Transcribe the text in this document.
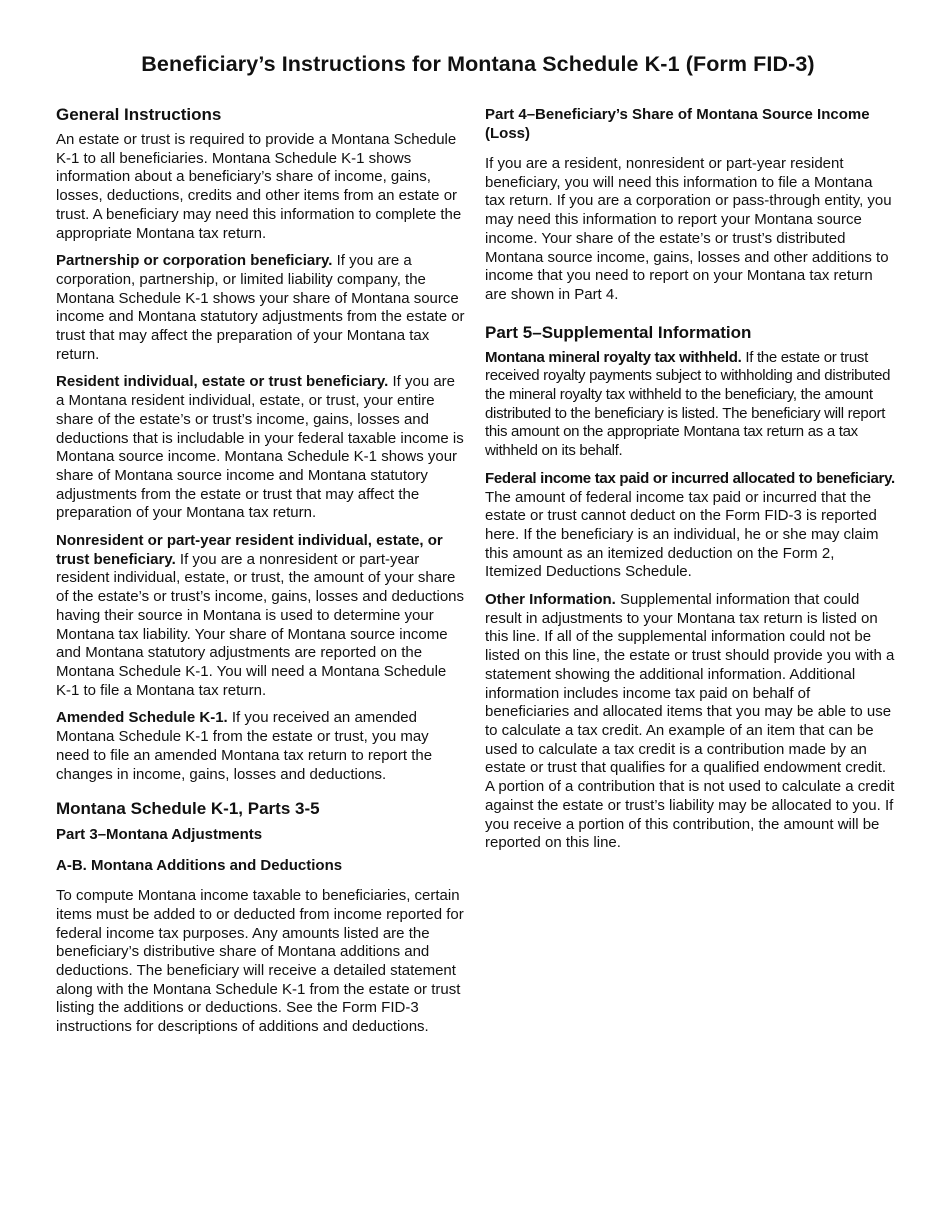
Beneficiary’s Instructions for Montana Schedule K-1 (Form FID-3)
General Instructions

An estate or trust is required to provide a Montana Schedule K-1 to all beneficiaries. Montana Schedule K-1 shows information about a beneficiary’s share of income, gains, losses, deductions, credits and other items from an estate or trust. A beneficiary may need this information to complete the appropriate Montana tax return.

Partnership or corporation beneficiary. If you are a corporation, partnership, or limited liability company, the Montana Schedule K-1 shows your share of Montana source income and Montana statutory adjustments from the estate or trust that may affect the preparation of your Montana tax return.

Resident individual, estate or trust beneficiary. If you are a Montana resident individual, estate, or trust, your entire share of the estate’s or trust’s income, gains, losses and deductions that is includable in your federal taxable income is Montana source income. Montana Schedule K-1 shows your share of Montana source income and Montana statutory adjustments from the estate or trust that may affect the preparation of your Montana tax return.

Nonresident or part-year resident individual, estate, or trust beneficiary. If you are a nonresident or part-year resident individual, estate, or trust, the amount of your share of the estate’s or trust’s income, gains, losses and deductions having their source in Montana is used to determine your Montana tax liability. Your share of Montana source income and Montana statutory adjustments are reported on the Montana Schedule K-1. You will need a Montana Schedule K-1 to file a Montana tax return.

Amended Schedule K-1. If you received an amended Montana Schedule K-1 from the estate or trust, you may need to file an amended Montana tax return to report the changes in income, gains, losses and deductions.

Montana Schedule K-1, Parts 3-5
Part 3–Montana Adjustments
A-B. Montana Additions and Deductions

To compute Montana income taxable to beneficiaries, certain items must be added to or deducted from income reported for federal income tax purposes. Any amounts listed are the beneficiary’s distributive share of Montana additions and deductions. The beneficiary will receive a detailed statement along with the Montana Schedule K-1 from the estate or trust listing the additions or deductions. See the Form FID-3 instructions for descriptions of additions and deductions.

Part 4–Beneficiary’s Share of Montana Source Income (Loss)

If you are a resident, nonresident or part-year resident beneficiary, you will need this information to file a Montana tax return. If you are a corporation or pass-through entity, you may need this information to report your Montana source income. Your share of the estate’s or trust’s distributed Montana source income, gains, losses and other additions to income that you need to report on your Montana tax return are shown in Part 4.

Part 5–Supplemental Information

Montana mineral royalty tax withheld. If the estate or trust received royalty payments subject to withholding and distributed the mineral royalty tax withheld to the beneficiary, the amount distributed to the beneficiary is listed. The beneficiary will report this amount on the appropriate Montana tax return as a tax withheld on its behalf.

Federal income tax paid or incurred allocated to beneficiary. The amount of federal income tax paid or incurred that the estate or trust cannot deduct on the Form FID-3 is reported here. If the beneficiary is an individual, he or she may claim this amount as an itemized deduction on the Form 2, Itemized Deductions Schedule.

Other Information. Supplemental information that could result in adjustments to your Montana tax return is listed on this line. If all of the supplemental information could not be listed on this line, the estate or trust should provide you with a statement showing the additional information. Additional information includes income tax paid on behalf of beneficiaries and allocated items that you may be able to use to calculate a tax credit. An example of an item that can be used to calculate a tax credit is a contribution made by an estate or trust that qualifies for a qualified endowment credit. A portion of a contribution that is not used to calculate a credit against the estate or trust’s liability may be allocated to you. If you receive a portion of this contribution, the amount will be reported on this line.
